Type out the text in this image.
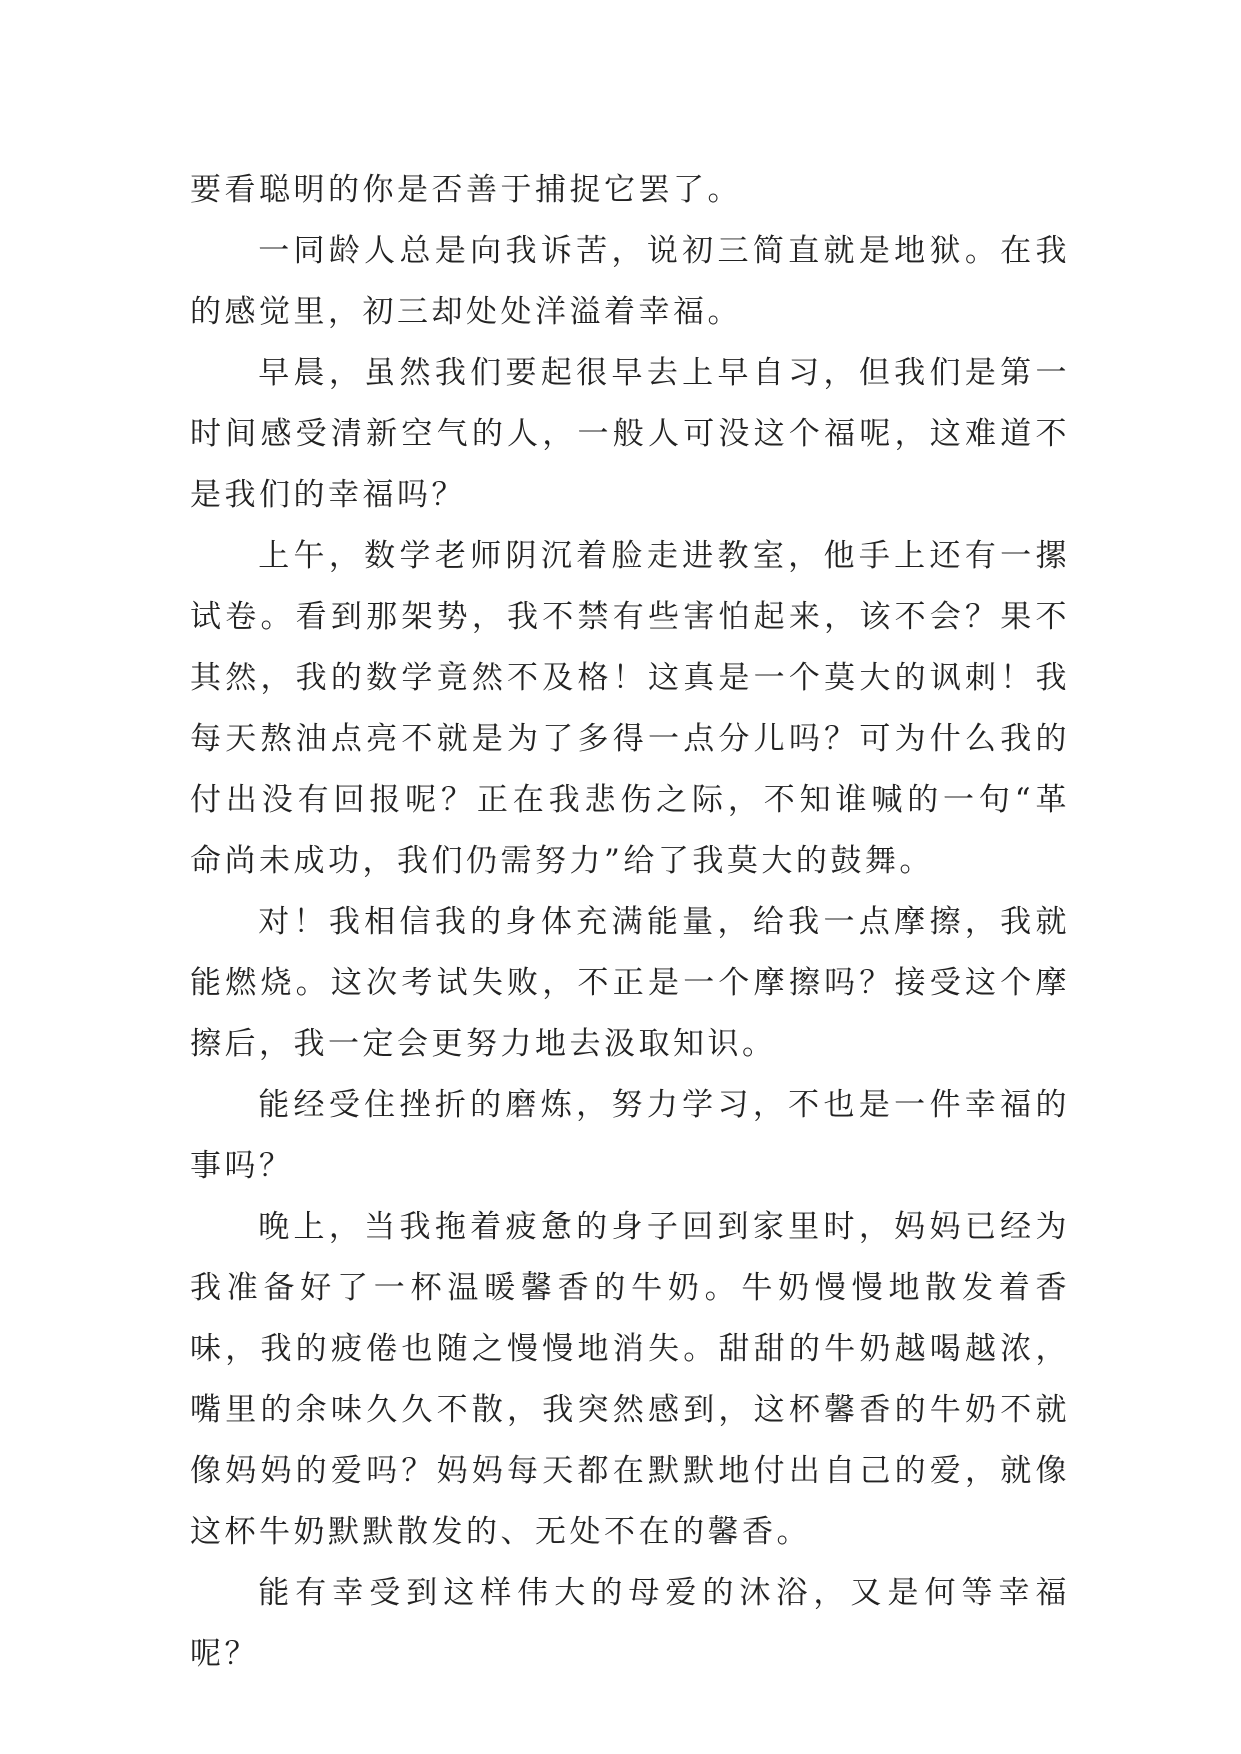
要看聪明的你是否善于捕捉它罢了。

一同龄人总是向我诉苦，说初三简直就是地狱。在我的感觉里，初三却处处洋溢着幸福。

早晨，虽然我们要起很早去上早自习，但我们是第一时间感受清新空气的人，一般人可没这个福呢，这难道不是我们的幸福吗？

上午，数学老师阴沉着脸走进教室，他手上还有一摞试卷。看到那架势，我不禁有些害怕起来，该不会？果不其然，我的数学竟然不及格！这真是一个莫大的讽刺！我每天熬油点亮不就是为了多得一点分儿吗？可为什么我的付出没有回报呢？正在我悲伤之际，不知谁喊的一句“革命尚未成功，我们仍需努力”给了我莫大的鼓舞。

对！我相信我的身体充满能量，给我一点摩擦，我就能燃烧。这次考试失败，不正是一个摩擦吗？接受这个摩擦后，我一定会更努力地去汲取知识。

能经受住挫折的磨炼，努力学习，不也是一件幸福的事吗？

晚上，当我拖着疲惫的身子回到家里时，妈妈已经为我准备好了一杯温暖馨香的牛奶。牛奶慢慢地散发着香味，我的疲倦也随之慢慢地消失。甜甜的牛奶越喝越浓，嘴里的余味久久不散，我突然感到，这杯馨香的牛奶不就像妈妈的爱吗？妈妈每天都在默默地付出自己的爱，就像这杯牛奶默默散发的、无处不在的馨香。

能有幸受到这样伟大的母爱的沐浴，又是何等幸福呢？
